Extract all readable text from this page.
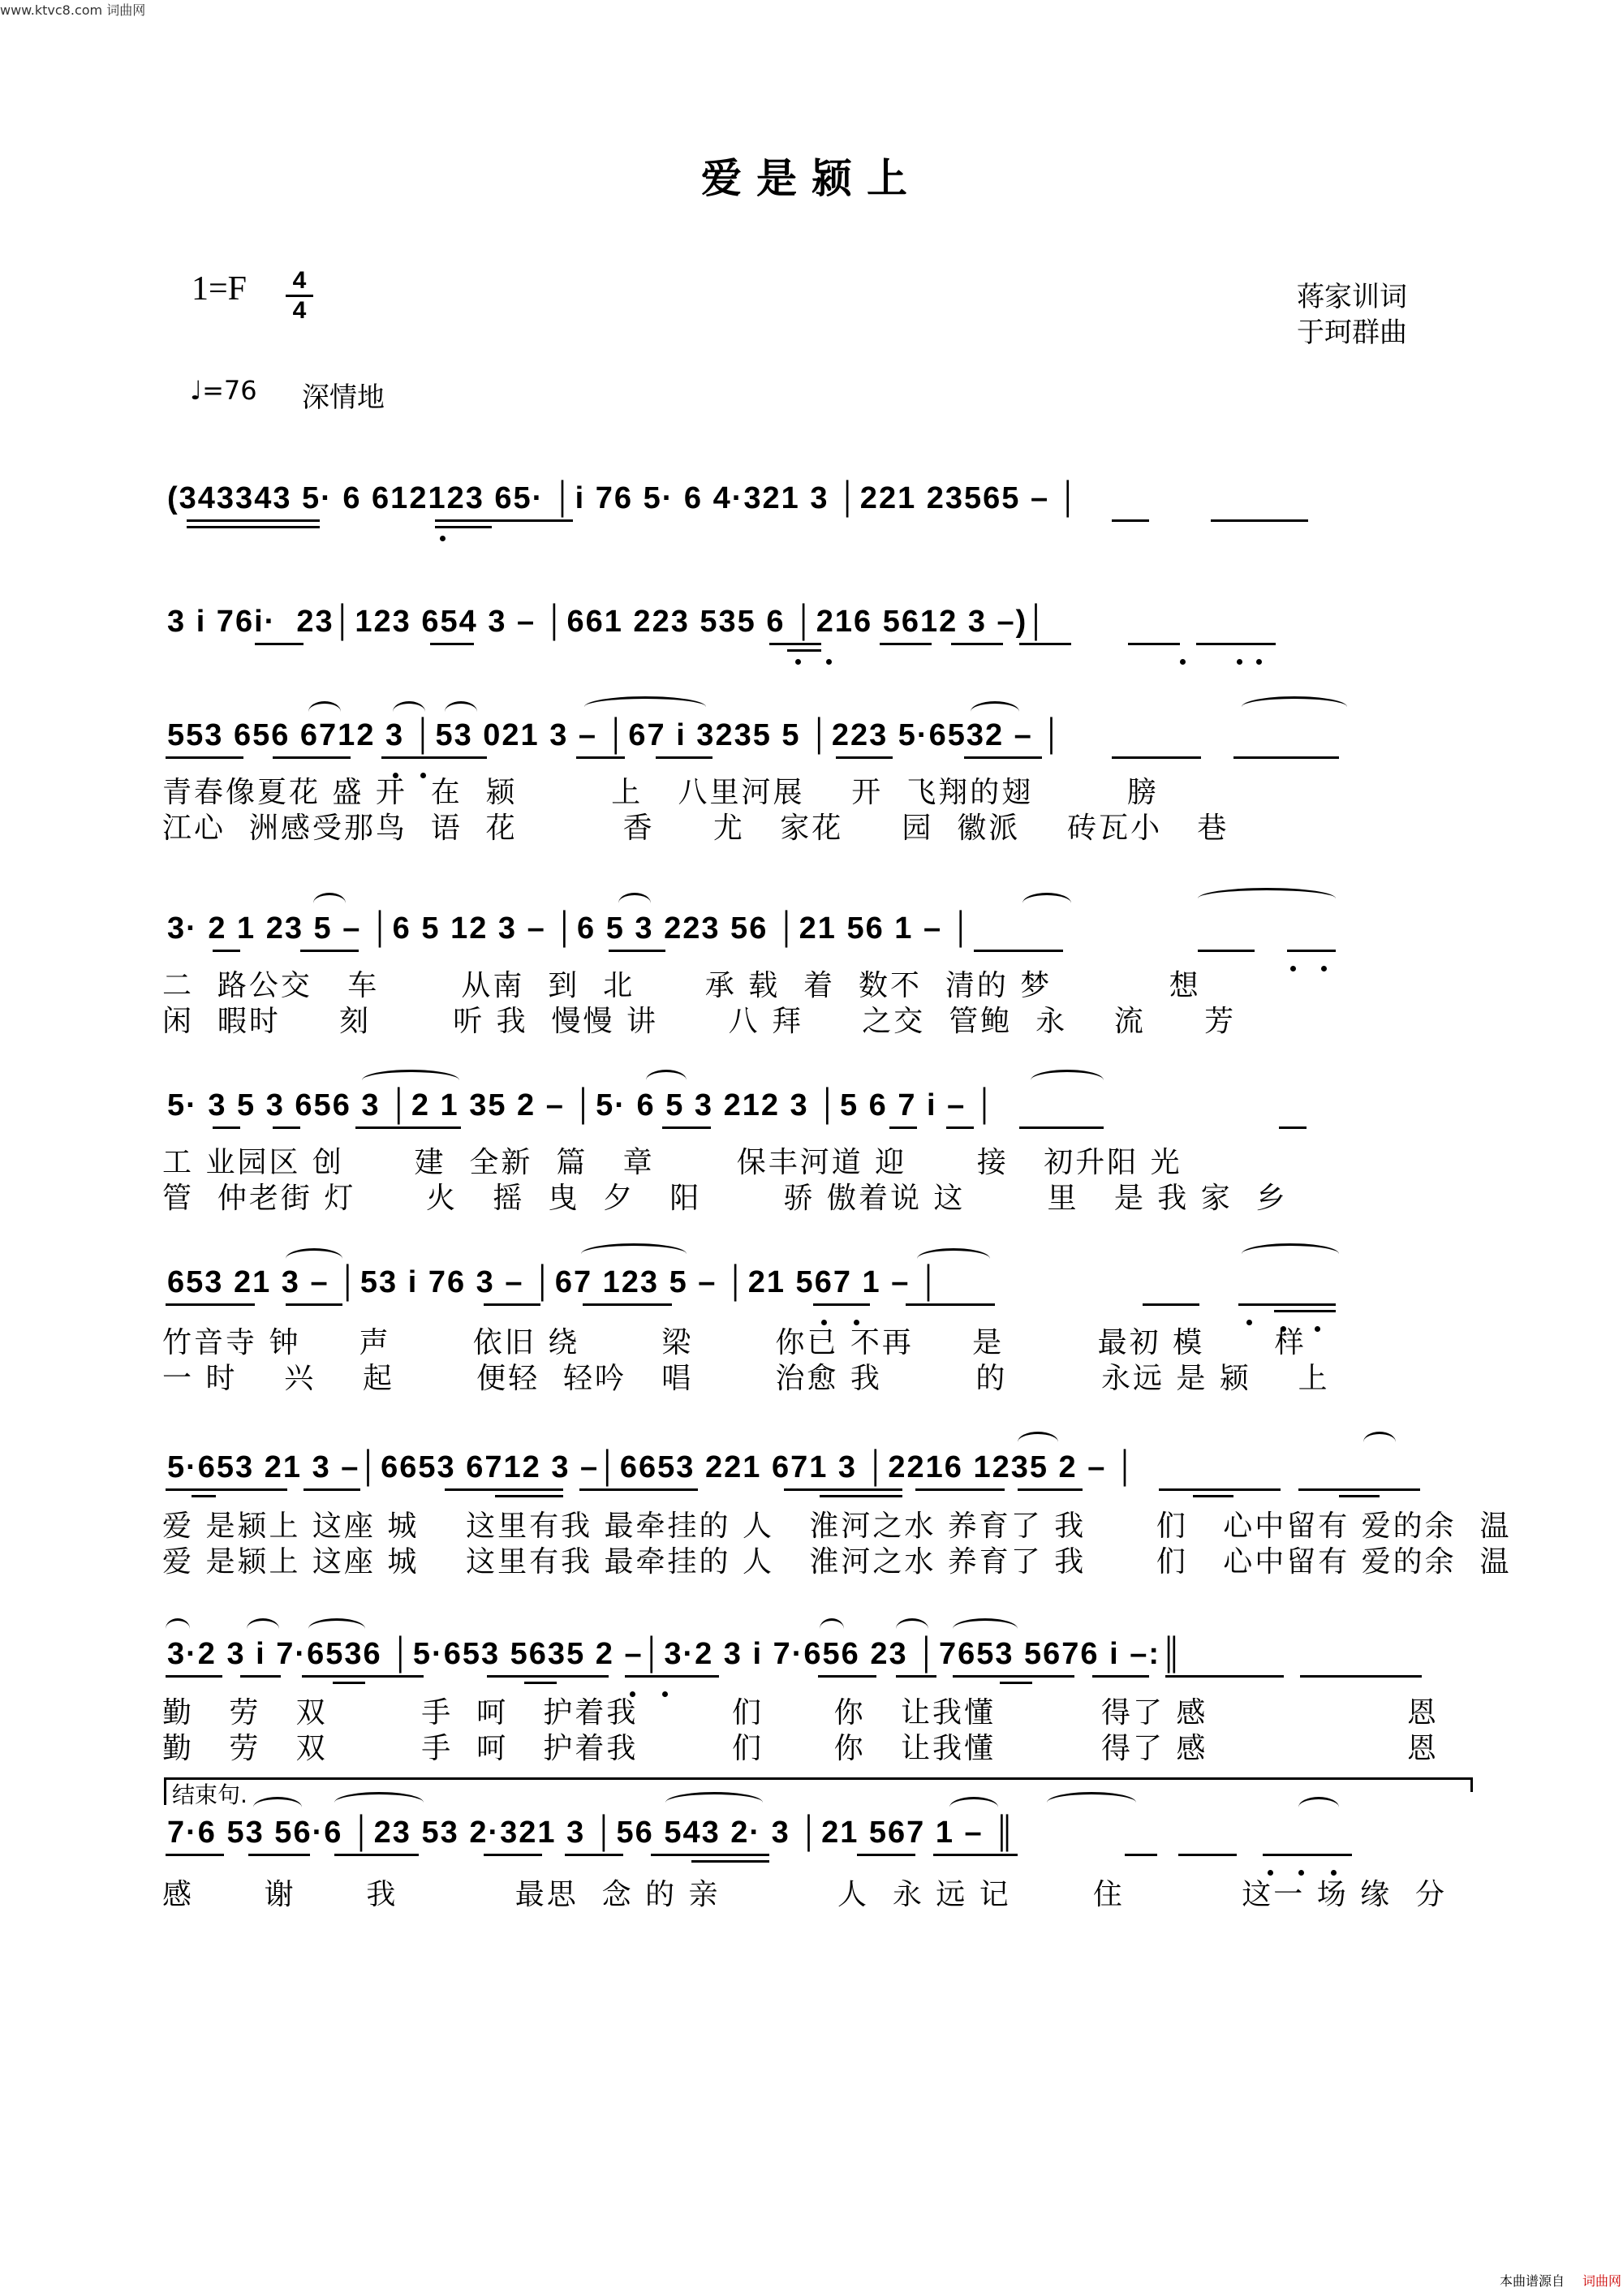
www.ktvc8.com 词曲网
爱是颍上
1=F 4
4	蒋家训词
于珂群曲
♩=76 深情地
(343343 5· 6 612123 65· │i 76 5· 6 4·321 3 │221 23565 – │
3 i 76i·  23│123 654 3 – │661 223 535 6 │216 5612 3 –)│
553 656 6712 3 │53 021 3 – │67 i 3235 5 │223 5·6532 – │
青春像夏花 盛 开  在  颍        上   八里河展    开  飞翔的翅        膀
江心  洲感受那鸟  语  花         香     尤   家花     园  徽派    砖瓦小   巷
3· 2 1 23 5 – │6 5 12 3 – │6 5 3 223 56 │21 56 1 – │
二  路公交   车       从南  到  北      承 载  着  数不  清的 梦          想
闲  暇时     刻       听 我  慢慢 讲      八 拜     之交  管鲍  永    流     芳
5· 3 5 3 656 3 │2 1 35 2 – │5· 6 5 3 212 3 │5 6 7 i – │
工 业园区 创      建  全新  篇   章       保丰河道 迎      接   初升阳 光
管  仲老街 灯      火   摇  曳  夕   阳       骄 傲着说 这       里   是 我 家  乡
653 21 3 – │53 i 76 3 – │67 123 5 – │21 567 1 – │
竹音寺 钟     声       依旧 绕       梁       你已 不再     是        最初 模      样
一 时    兴    起       便轻  轻吟   唱       治愈 我        的        永远 是 颍    上
5·653 21 3 –│6653 6712 3 –│6653 221 671 3 │2216 1235 2 – │
爱 是颍上 这座 城    这里有我 最牵挂的 人   淮河之水 养育了 我      们   心中留有 爱的余  温
爱 是颍上 这座 城    这里有我 最牵挂的 人   淮河之水 养育了 我      们   心中留有 爱的余  温
3·2 3 i 7·6536 │5·653 5635 2 –│3·2 3 i 7·656 23 │7653 5676 i –:║
勤   劳   双        手  呵   护着我        们      你   让我懂         得了 感                 恩
勤   劳   双        手  呵   护着我        们      你   让我懂         得了 感                 恩
结束句.
7·6 53 56·6 │23 53 2·321 3 │56 543 2· 3 │21 567 1 – ║
感      谢      我          最思  念 的 亲          人  永 远 记       住          这一 场 缘  分
本曲谱源自 词曲网
